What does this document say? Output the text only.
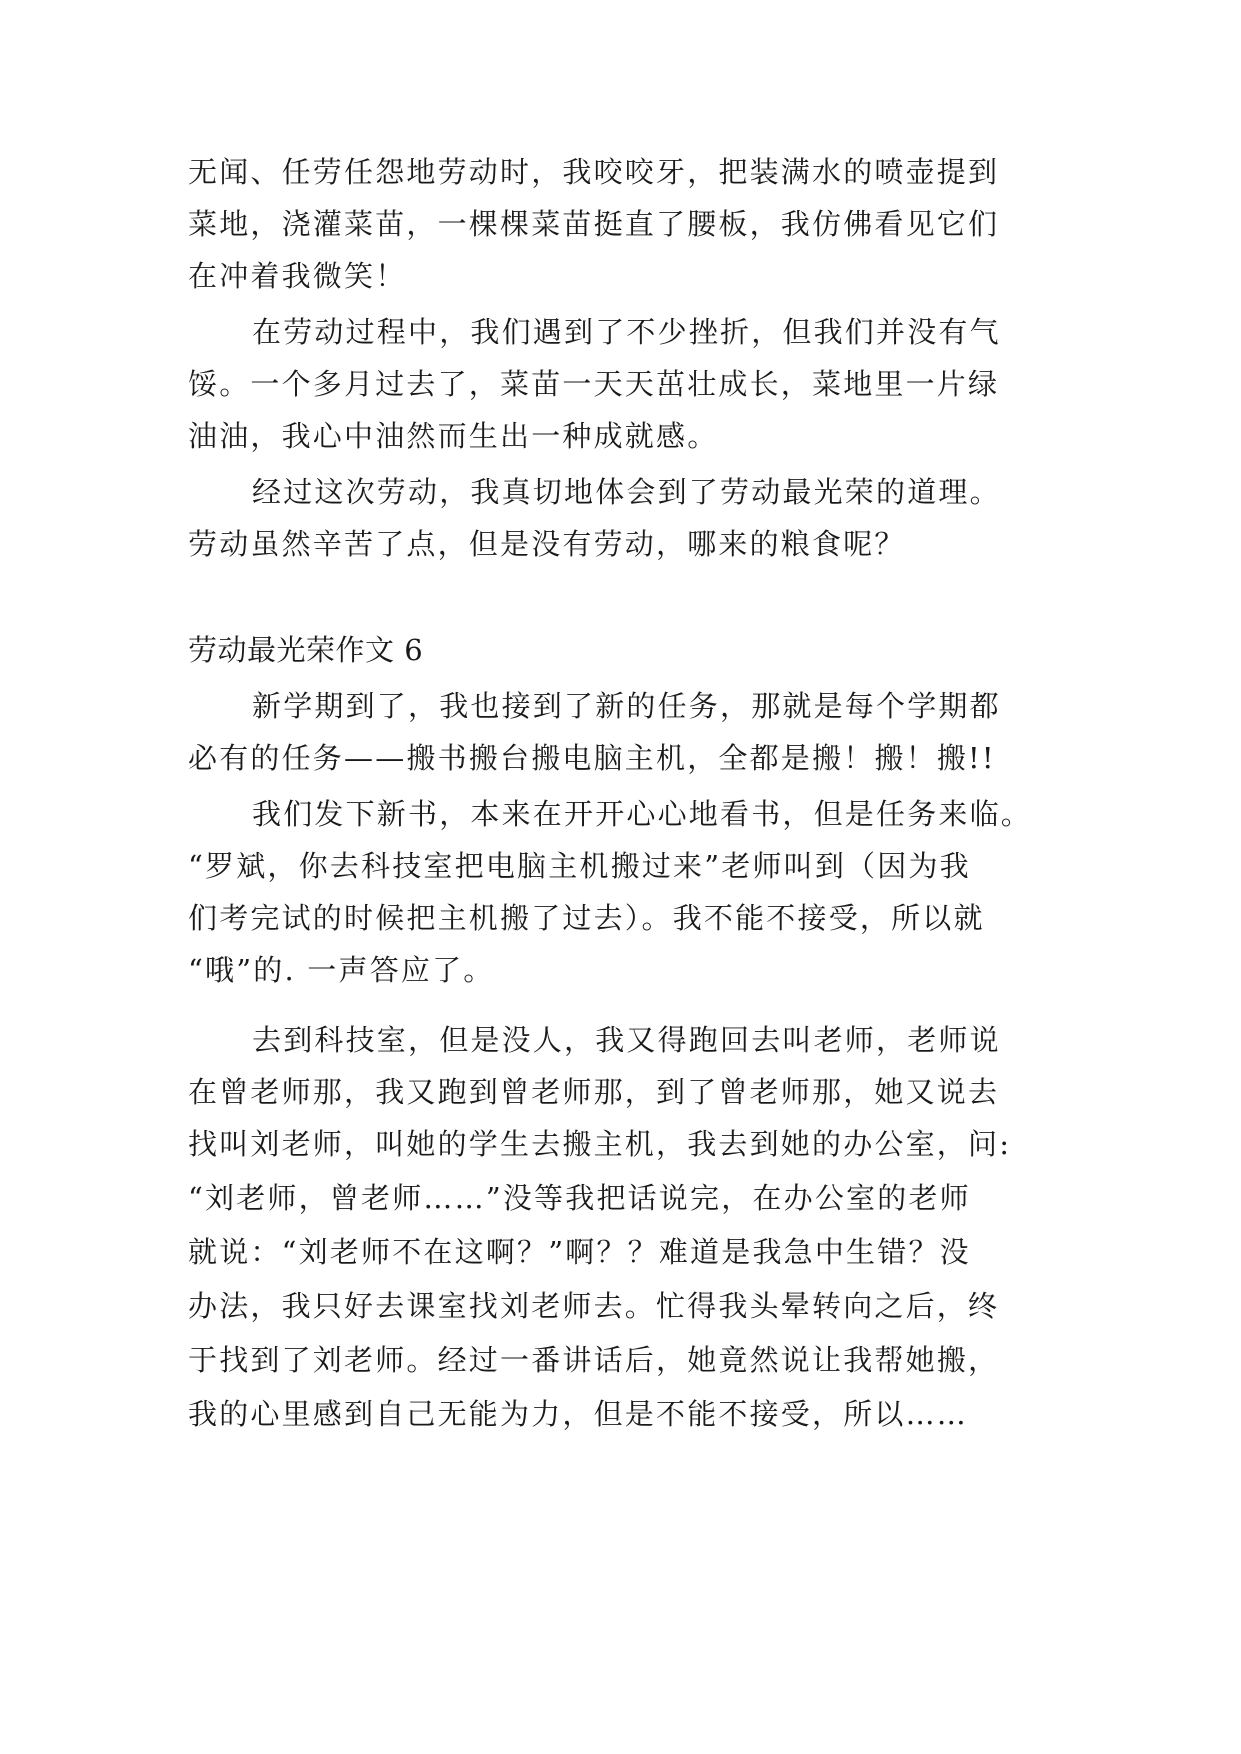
无闻、任劳任怨地劳动时，我咬咬牙，把装满水的喷壶提到
菜地，浇灌菜苗，一棵棵菜苗挺直了腰板，我仿佛看见它们
在冲着我微笑！
在劳动过程中，我们遇到了不少挫折，但我们并没有气
馁。一个多月过去了，菜苗一天天茁壮成长，菜地里一片绿
油油，我心中油然而生出一种成就感。
经过这次劳动，我真切地体会到了劳动最光荣的道理。
劳动虽然辛苦了点，但是没有劳动，哪来的粮食呢？
劳动最光荣作文 6
新学期到了，我也接到了新的任务，那就是每个学期都
必有的任务——搬书搬台搬电脑主机，全都是搬！搬！搬!!
我们发下新书，本来在开开心心地看书，但是任务来临。
“罗斌，你去科技室把电脑主机搬过来”老师叫到（因为我
们考完试的时候把主机搬了过去）。我不能不接受，所以就
“哦”的. 一声答应了。
去到科技室，但是没人，我又得跑回去叫老师，老师说
在曾老师那，我又跑到曾老师那，到了曾老师那，她又说去
找叫刘老师，叫她的学生去搬主机，我去到她的办公室，问:
“刘老师，曾老师……”没等我把话说完，在办公室的老师
就说：“刘老师不在这啊？”啊？？难道是我急中生错？没
办法，我只好去课室找刘老师去。忙得我头晕转向之后，终
于找到了刘老师。经过一番讲话后，她竟然说让我帮她搬，
我的心里感到自己无能为力，但是不能不接受，所以……
